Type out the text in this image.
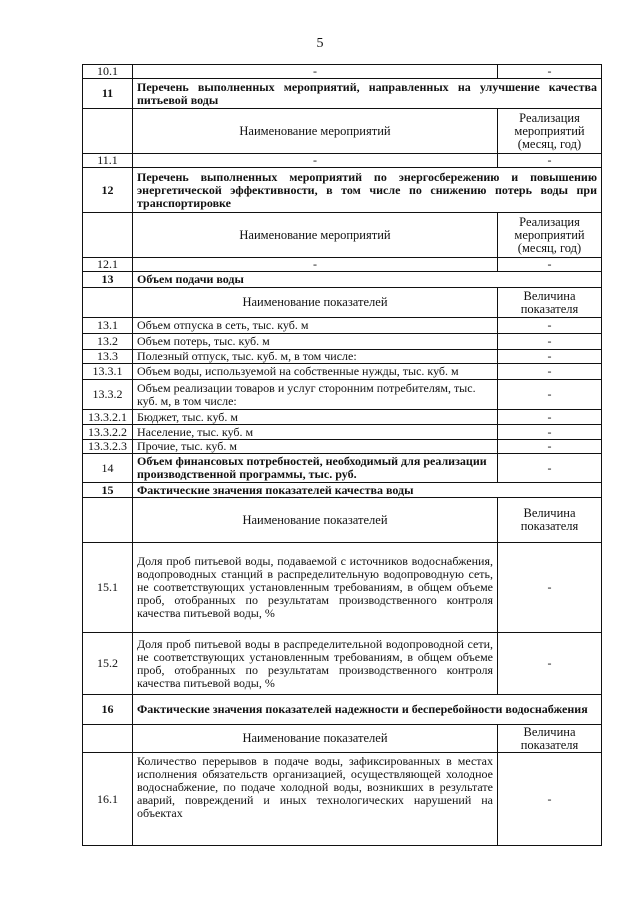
5
10.1	-	-
11	Перечень выполненных мероприятий, направленных на улучшение качества питьевой воды	
	Наименование мероприятий	Реализация мероприятий (месяц, год)
11.1	-	-
12	Перечень выполненных мероприятий по энергосбережению и повышению энергетической эффективности, в том числе по снижению потерь воды при транспортировке	
	Наименование мероприятий	Реализация мероприятий (месяц, год)
12.1	-	-
13	Объем подачи воды	
	Наименование показателей	Величина показателя
13.1	Объем отпуска в сеть, тыс. куб. м	-
13.2	Объем потерь, тыс. куб. м	-
13.3	Полезный отпуск, тыс. куб. м, в том числе:	-
13.3.1	Объем воды, используемой на собственные нужды, тыс. куб. м	-
13.3.2	Объем реализации товаров и услуг сторонним потребителям, тыс. куб. м, в том числе:	-
13.3.2.1	Бюджет, тыс. куб. м	-
13.3.2.2	Население, тыс. куб. м	-
13.3.2.3	Прочие, тыс. куб. м	-
14	Объем финансовых потребностей, необходимый для реализации производственной программы, тыс. руб.	-
15	Фактические значения показателей качества воды	
	Наименование показателей	Величина показателя
15.1	Доля проб питьевой воды, подаваемой с источников водоснабжения, водопроводных станций в распределительную водопроводную сеть, не соответствующих установленным требованиям, в общем объеме проб, отобранных по результатам производственного контроля качества питьевой воды, %	-
15.2	Доля проб питьевой воды в распределительной водопроводной сети, не соответствующих установленным требованиям, в общем объеме проб, отобранных по результатам производственного контроля качества питьевой воды, %	-
16	Фактические значения показателей надежности и бесперебойности водоснабжения	
	Наименование показателей	Величина показателя
16.1	Количество перерывов в подаче воды, зафиксированных в местах исполнения обязательств организацией, осуществляющей холодное водоснабжение, по подаче холодной воды, возникших в результате аварий, повреждений и иных технологических нарушений на объектах	-
